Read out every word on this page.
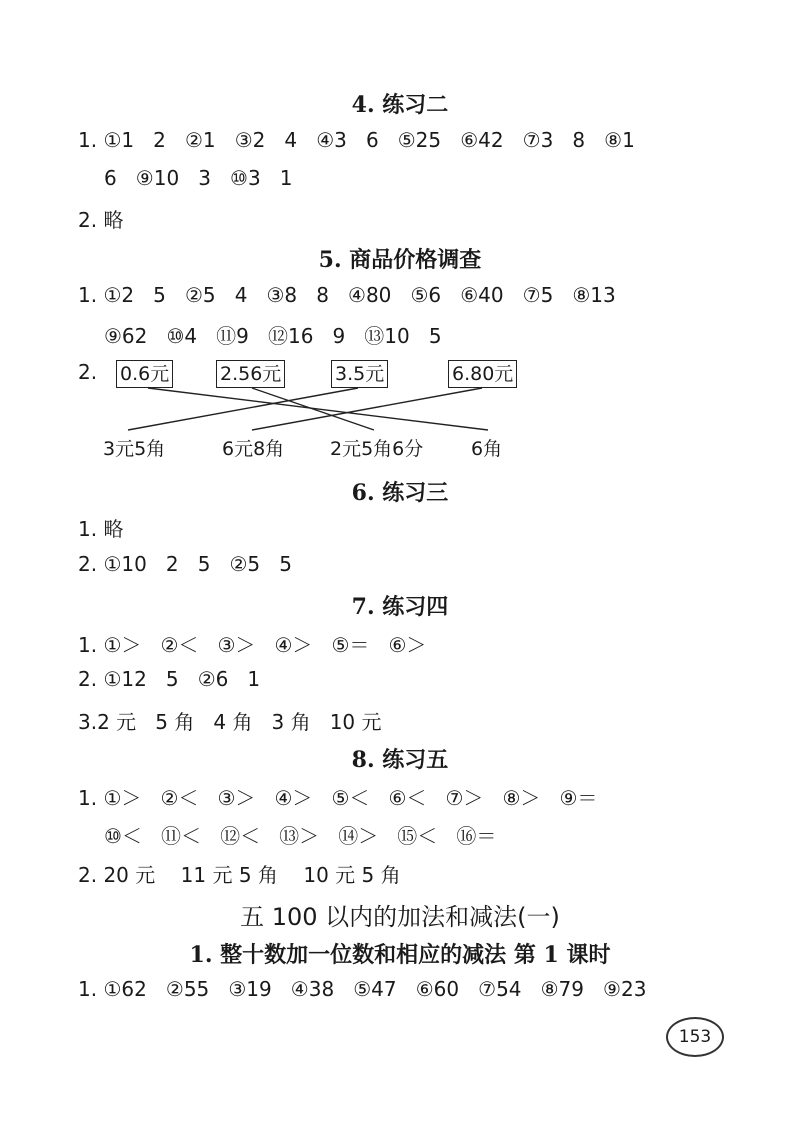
4. 练习二
1. ①1   2   ②1   ③2   4   ④3   6   ⑤25   ⑥42   ⑦3   8   ⑧1
6   ⑨10   3   ⑩3   1
2. 略
5. 商品价格调查
1. ①2   5   ②5   4   ③8   8   ④80   ⑤6   ⑥40   ⑦5   ⑧13
⑨62   ⑩4   ⑪9   ⑫16   9   ⑬10   5
2. 0.6元	2.56元	3.5元	6.80元
3元5角	6元8角 2元5角6分	6角
6. 练习三
1. 略
2. ①10   2   5   ②5   5
7. 练习四
1. ①＞   ②＜   ③＞   ④＞   ⑤＝   ⑥＞
2. ①12   5   ②6   1
3.2 元   5 角   4 角   3 角   10 元
8. 练习五
1. ①＞   ②＜   ③＞   ④＞   ⑤＜   ⑥＜   ⑦＞   ⑧＞   ⑨＝
⑩＜   ⑪＜   ⑫＜   ⑬＞   ⑭＞   ⑮＜   ⑯＝
2. 20 元    11 元 5 角    10 元 5 角
五 100 以内的加法和减法(一)
1. 整十数加一位数和相应的减法 第 1 课时
1. ①62   ②55   ③19   ④38   ⑤47   ⑥60   ⑦54   ⑧79   ⑨23
153
